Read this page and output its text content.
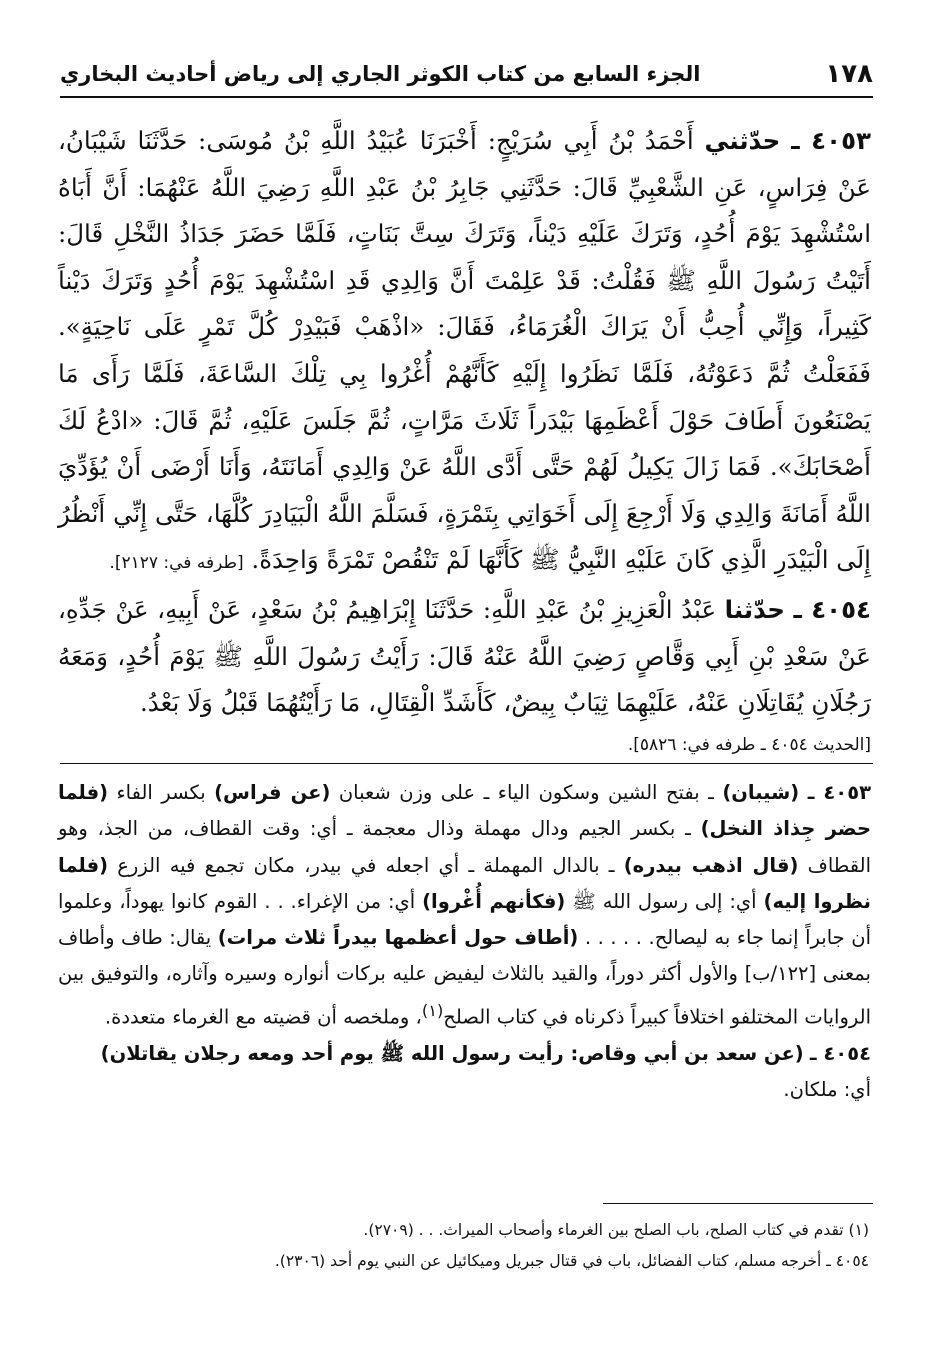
١٧٨
الجزء السابع من كتاب الكوثر الجاري إلى رياض أحاديث البخاري

٤٠٥٣ ـ حدّثني أَحْمَدُ بْنُ أَبِي سُرَيْجٍ: أَخْبَرَنَا عُبَيْدُ اللَّهِ بْنُ مُوسَى: حَدَّثَنَا شَيْبَانُ، عَنْ فِرَاسٍ، عَنِ الشَّعْبِيِّ قَالَ: حَدَّثَنِي جَابِرُ بْنُ عَبْدِ اللَّهِ رَضِيَ اللَّهُ عَنْهُمَا: أَنَّ أَبَاهُ اسْتُشْهِدَ يَوْمَ أُحُدٍ، وَتَرَكَ عَلَيْهِ دَيْناً، وَتَرَكَ سِتَّ بَنَاتٍ، فَلَمَّا حَضَرَ جَدَاذُ النَّخْلِ قَالَ: أَتَيْتُ رَسُولَ اللَّهِ ﷺ فَقُلْتُ: قَدْ عَلِمْتَ أَنَّ وَالِدِي قَدِ اسْتُشْهِدَ يَوْمَ أُحُدٍ وَتَرَكَ دَيْناً كَثِيراً، وَإِنِّي أُحِبُّ أَنْ يَرَاكَ الْغُرَمَاءُ، فَقَالَ: «اذْهَبْ فَبَيْدِرْ كُلَّ تَمْرٍ عَلَى نَاحِيَةٍ». فَفَعَلْتُ ثُمَّ دَعَوْتُهُ، فَلَمَّا نَظَرُوا إِلَيْهِ كَأَنَّهُمْ أُغْرُوا بِي تِلْكَ السَّاعَةَ، فَلَمَّا رَأَى مَا يَصْنَعُونَ أَطَافَ حَوْلَ أَعْظَمِهَا بَيْدَراً ثَلَاثَ مَرَّاتٍ، ثُمَّ جَلَسَ عَلَيْهِ، ثُمَّ قَالَ: «ادْعُ لَكَ أَصْحَابَكَ». فَمَا زَالَ يَكِيلُ لَهُمْ حَتَّى أَدَّى اللَّهُ عَنْ وَالِدِي أَمَانَتَهُ، وَأَنَا أَرْضَى أَنْ يُؤَدِّيَ اللَّهُ أَمَانَةَ وَالِدِي وَلَا أَرْجِعَ إِلَى أَخَوَاتِي بِتَمْرَةٍ، فَسَلَّمَ اللَّهُ الْبَيَادِرَ كُلَّهَا، حَتَّى إِنِّي أَنْظُرُ إِلَى الْبَيْدَرِ الَّذِي كَانَ عَلَيْهِ النَّبِيُّ ﷺ كَأَنَّهَا لَمْ تَنْقُصْ تَمْرَةً وَاحِدَةً. [طرفه في: ٢١٢٧].

٤٠٥٤ ـ حدّثنا عَبْدُ الْعَزِيزِ بْنُ عَبْدِ اللَّهِ: حَدَّثَنَا إِبْرَاهِيمُ بْنُ سَعْدٍ، عَنْ أَبِيهِ، عَنْ جَدِّهِ، عَنْ سَعْدِ بْنِ أَبِي وَقَّاصٍ رَضِيَ اللَّهُ عَنْهُ قَالَ: رَأَيْتُ رَسُولَ اللَّهِ ﷺ يَوْمَ أُحُدٍ، وَمَعَهُ رَجُلَانِ يُقَاتِلَانِ عَنْهُ، عَلَيْهِمَا ثِيَابٌ بِيضٌ، كَأَشَدِّ الْقِتَالِ، مَا رَأَيْتُهُمَا قَبْلُ وَلَا بَعْدُ.

[الحديث ٤٠٥٤ ـ طرفه في: ٥٨٢٦].

٤٠٥٣ ـ (شيبان) ـ بفتح الشين وسكون الياء ـ على وزن شعبان (عن فراس) بكسر الفاء (فلما حضر جِذاذ النخل) ـ بكسر الجيم ودال مهملة وذال معجمة ـ أي: وقت القطاف، من الجذ، وهو القطاف (قال اذهب بيدره) ـ بالدال المهملة ـ أي اجعله في بيدر، مكان تجمع فيه الزرع (فلما نظروا إليه) أي: إلى رسول الله ﷺ (فكأنهم أُغْروا) أي: من الإغراء. . . القوم كانوا يهوداً، وعلموا أن جابراً إنما جاء به ليصالح. . . . . . (أطاف حول أعظمها بيدراً ثلاث مرات) يقال: طاف وأطاف بمعنى [١٢٢/ب] والأول أكثر دوراً، والقيد بالثلاث ليفيض عليه بركات أنواره وسيره وآثاره، والتوفيق بين الروايات المختلفو اختلافاً كبيراً ذكرناه في كتاب الصلح$^{(١)}$، وملخصه أن قضيته مع الغرماء متعددة.

٤٠٥٤ ـ (عن سعد بن أبي وقاص: رأيت رسول الله ﷺ يوم أحد ومعه رجلان يقاتلان)

أي: ملكان.

(١) تقدم في كتاب الصلح، باب الصلح بين الغرماء وأصحاب الميراث. . . (٢٧٠٩).

٤٠٥٤ ـ أخرجه مسلم، كتاب الفضائل، باب في قتال جبريل وميكائيل عن النبي يوم أحد (٢٣٠٦).
